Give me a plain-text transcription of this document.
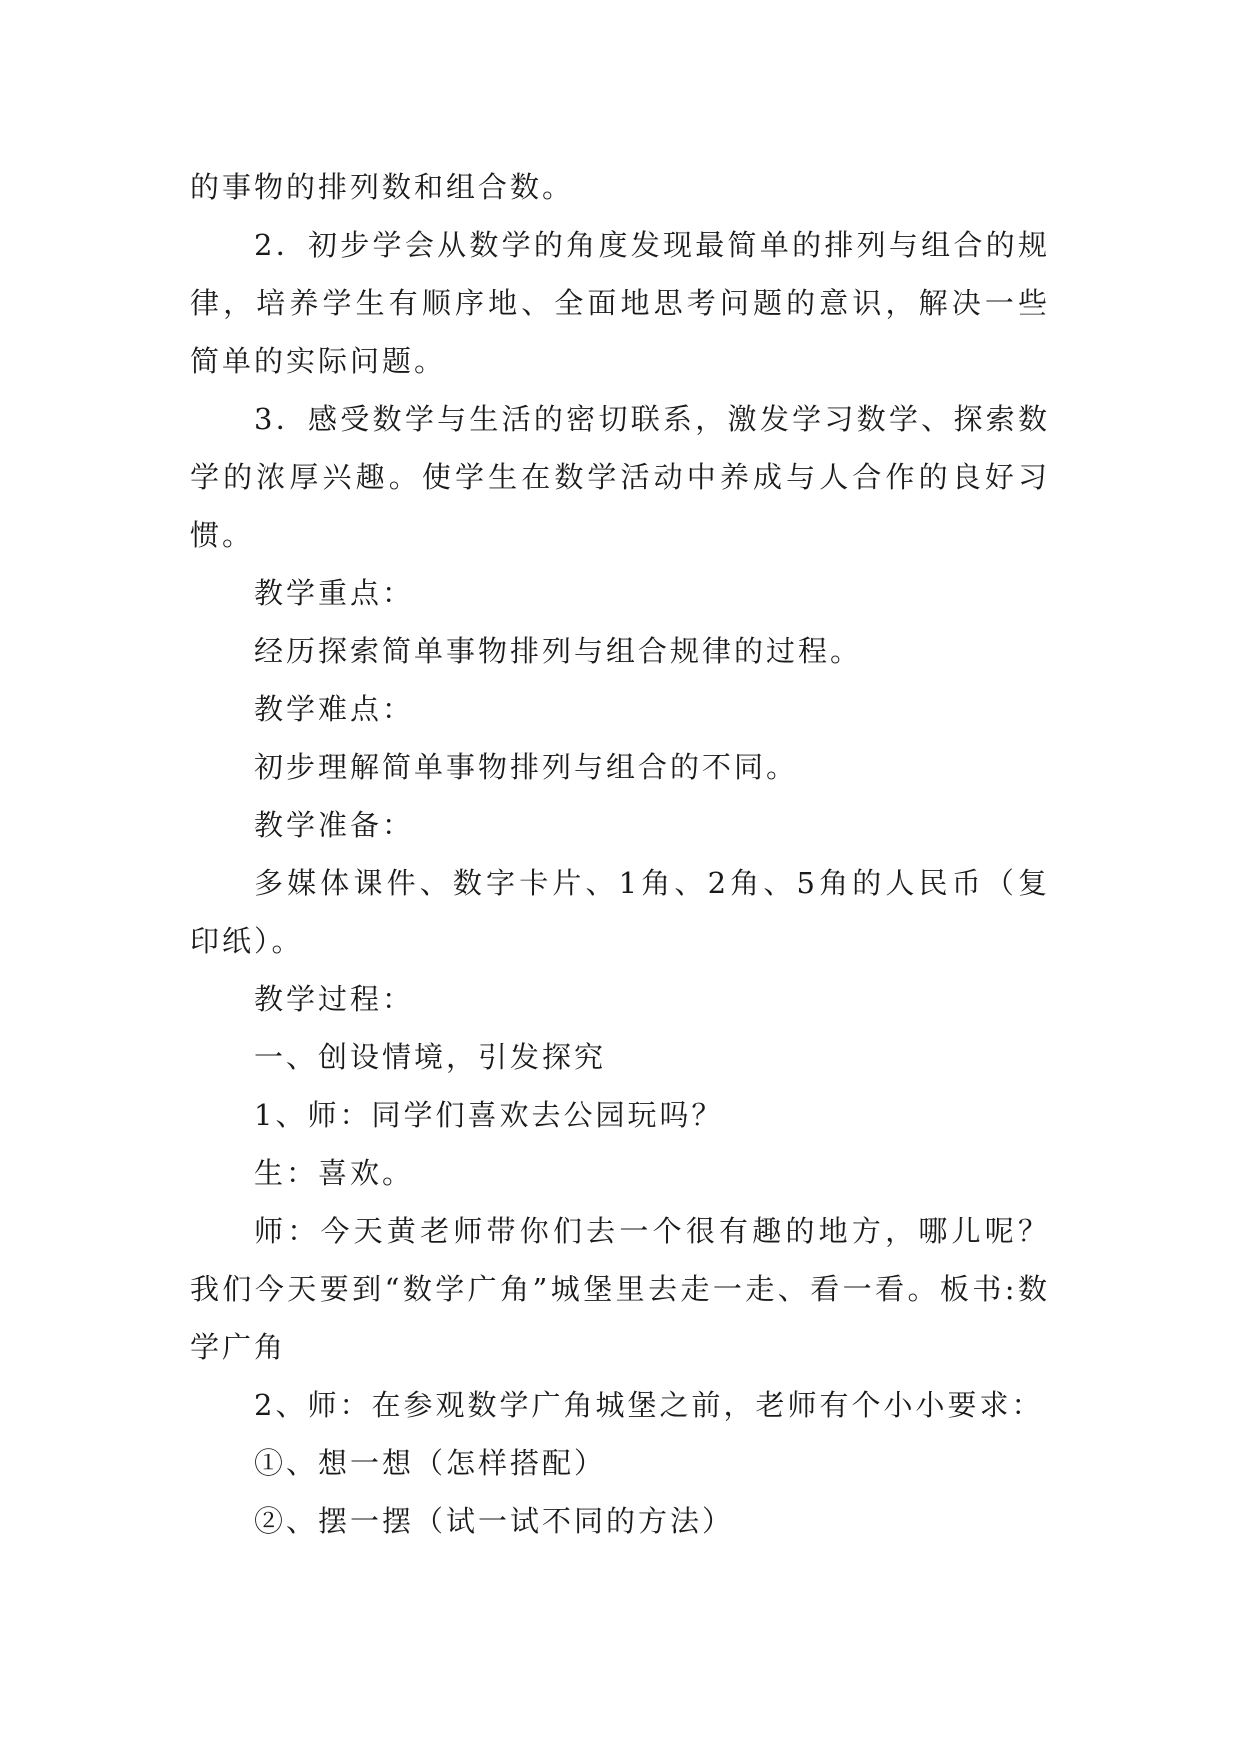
的事物的排列数和组合数。

2．初步学会从数学的角度发现最简单的排列与组合的规律，培养学生有顺序地、全面地思考问题的意识，解决一些简单的实际问题。

3．感受数学与生活的密切联系，激发学习数学、探索数学的浓厚兴趣。使学生在数学活动中养成与人合作的良好习惯。

教学重点：

经历探索简单事物排列与组合规律的过程。

教学难点：

初步理解简单事物排列与组合的不同。

教学准备：

多媒体课件、数字卡片、1角、2角、5角的人民币（复印纸）。

教学过程：

一、创设情境，引发探究

1、师：同学们喜欢去公园玩吗？

生：喜欢。

师：今天黄老师带你们去一个很有趣的地方，哪儿呢？我们今天要到“数学广角”城堡里去走一走、看一看。板书:数学广角

2、师：在参观数学广角城堡之前，老师有个小小要求：

①、想一想（怎样搭配）

②、摆一摆（试一试不同的方法）
